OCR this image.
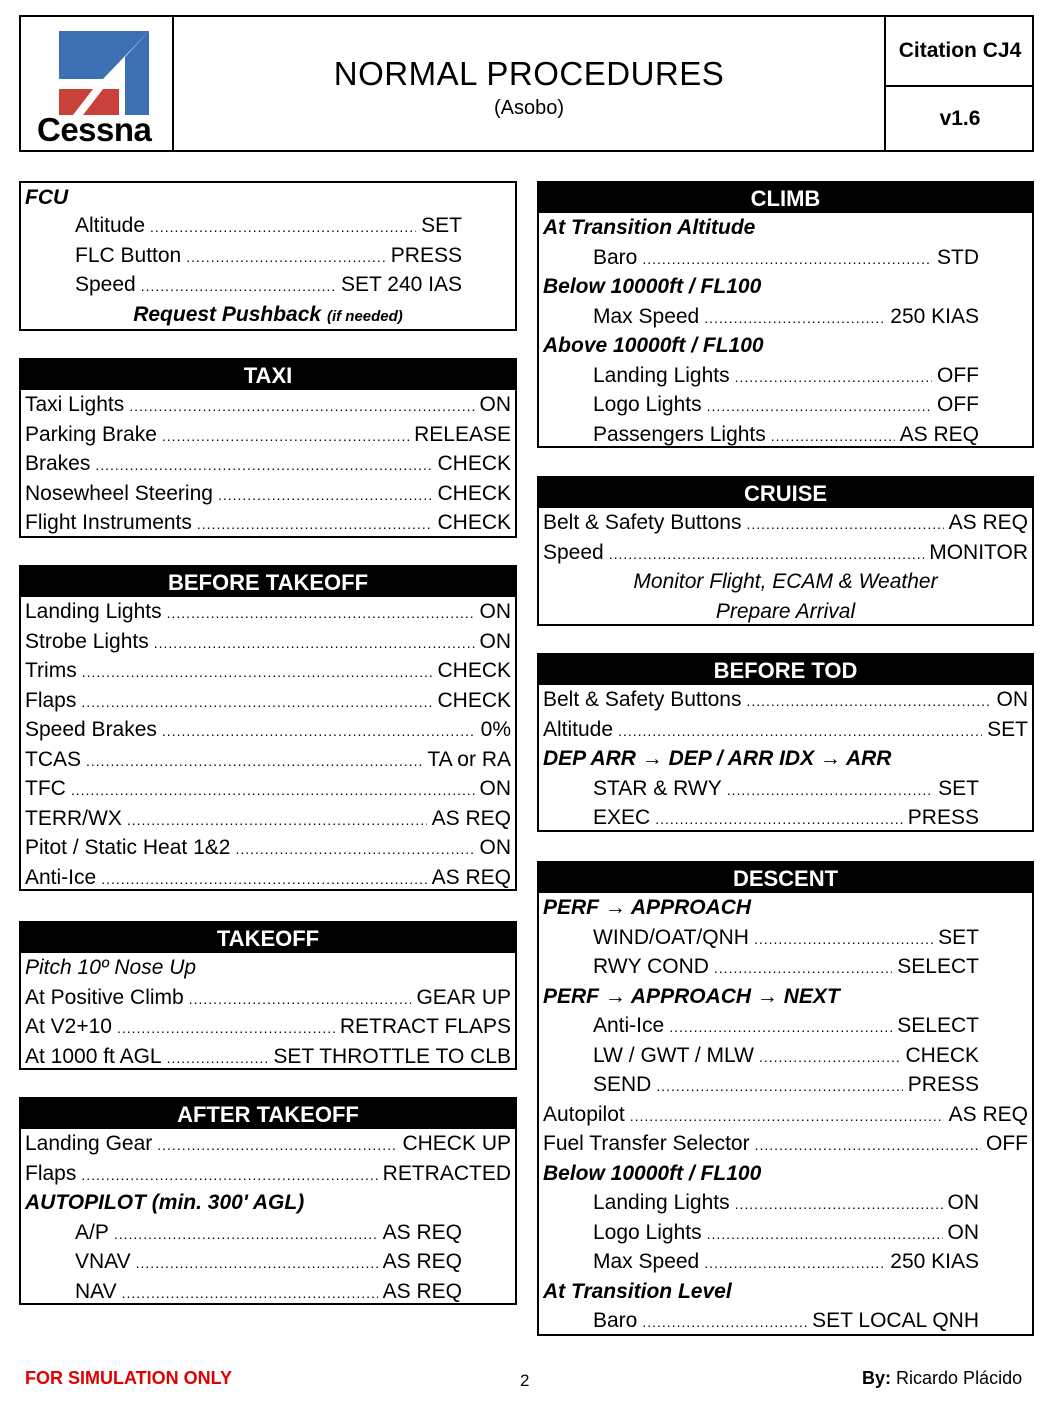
Cessna
NORMAL PROCEDURES
(Asobo)
Citation CJ4
v1.6
FCU
Altitude .....	SET
FLC Button .....	PRESS
Speed .....	SET 240 IAS
Request Pushback (if needed)
TAXI
Taxi Lights .....	ON
Parking Brake .....	RELEASE
Brakes .....	CHECK
Nosewheel Steering .....	CHECK
Flight Instruments .....	CHECK
BEFORE TAKEOFF
Landing Lights .....	ON
Strobe Lights .....	ON
Trims .....	CHECK
Flaps .....	CHECK
Speed Brakes .....	0%
TCAS .....	TA or RA
TFC .....	ON
TERR/WX .....	AS REQ
Pitot / Static Heat 1&2 .....	ON
Anti-Ice .....	AS REQ
TAKEOFF
Pitch 10º Nose Up
At Positive Climb .....	GEAR UP
At V2+10 .....	RETRACT FLAPS
At 1000 ft AGL .....	SET THROTTLE TO CLB
AFTER TAKEOFF
Landing Gear .....	CHECK UP
Flaps .....	RETRACTED
AUTOPILOT (min. 300' AGL)
A/P .....	AS REQ
VNAV .....	AS REQ
NAV .....	AS REQ
CLIMB
At Transition Altitude
Baro .....	STD
Below 10000ft / FL100
Max Speed .....	250 KIAS
Above 10000ft / FL100
Landing Lights .....	OFF
Logo Lights .....	OFF
Passengers Lights .....	AS REQ
CRUISE
Belt & Safety Buttons .....	AS REQ
Speed .....	MONITOR
Monitor Flight, ECAM & Weather
Prepare Arrival
BEFORE TOD
Belt & Safety Buttons .....	ON
Altitude .....	SET
DEP ARR → DEP / ARR IDX → ARR
STAR & RWY .....	SET
EXEC .....	PRESS
DESCENT
PERF → APPROACH
WIND/OAT/QNH .....	SET
RWY COND .....	SELECT
PERF → APPROACH → NEXT
Anti-Ice .....	SELECT
LW / GWT / MLW .....	CHECK
SEND .....	PRESS
Autopilot .....	AS REQ
Fuel Transfer Selector .....	OFF
Below 10000ft / FL100
Landing Lights .....	ON
Logo Lights .....	ON
Max Speed .....	250 KIAS
At Transition Level
Baro .....	SET LOCAL QNH
FOR SIMULATION ONLY	2	By: Ricardo Plácido
